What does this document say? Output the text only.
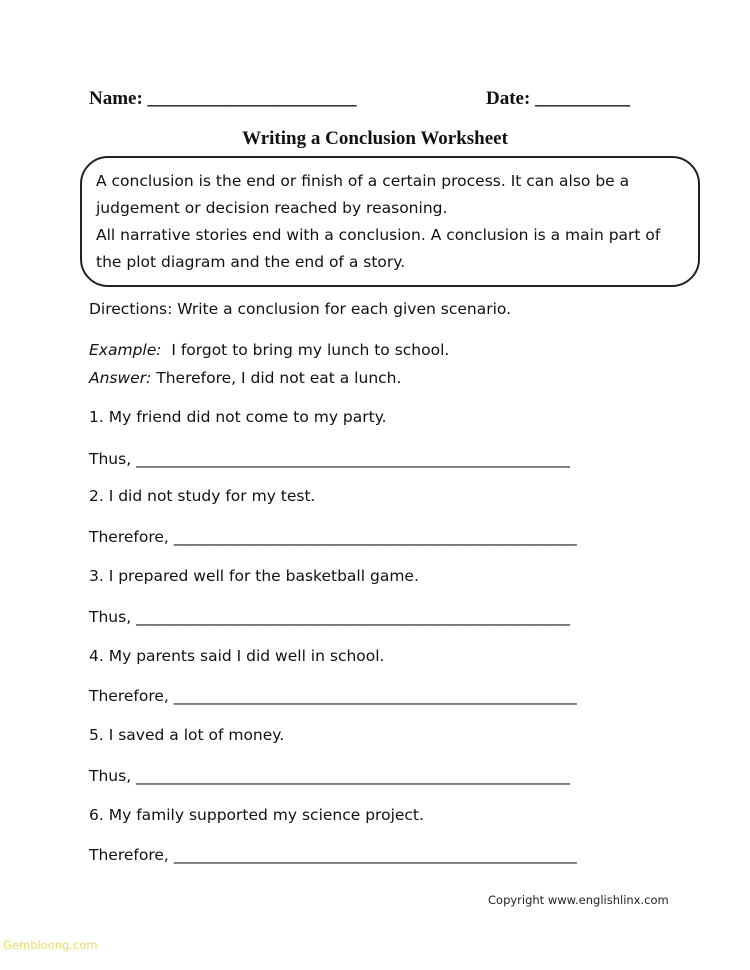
Name: ______________________	Date: __________
Writing a Conclusion Worksheet

A conclusion is the end or finish of a certain process. It can also be a

judgement or decision reached by reasoning.

All narrative stories end with a conclusion. A conclusion is a main part of

the plot diagram and the end of a story.

Directions: Write a conclusion for each given scenario.
Example:  I forgot to bring my lunch to school.
Answer: Therefore, I did not eat a lunch.
1. My friend did not come to my party.
Thus, ________________________________________________________
2. I did not study for my test.
Therefore, ____________________________________________________
3. I prepared well for the basketball game.
Thus, ________________________________________________________
4. My parents said I did well in school.
Therefore, ____________________________________________________
5. I saved a lot of money.
Thus, ________________________________________________________
6. My family supported my science project.
Therefore, ____________________________________________________
Copyright www.englishlinx.com
Gembloong.com
